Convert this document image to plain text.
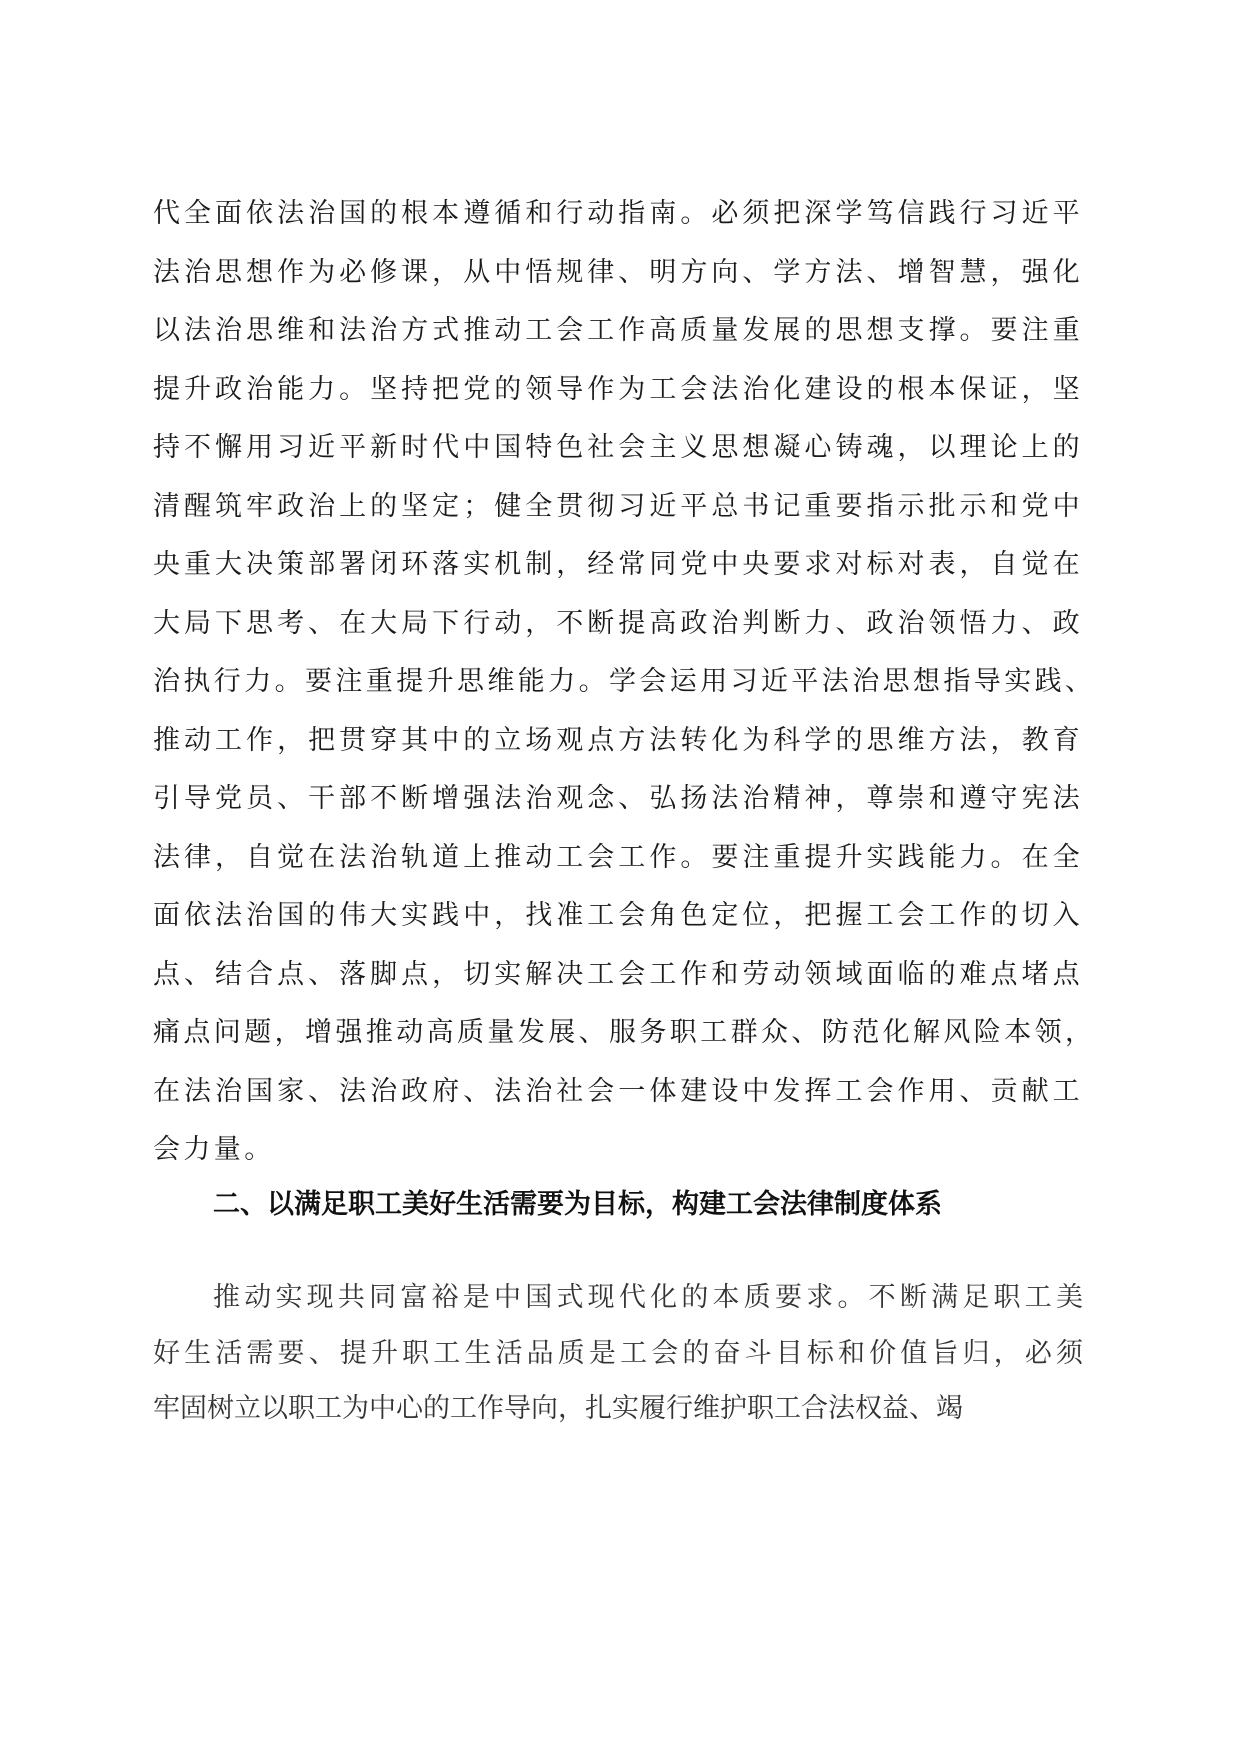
代全面依法治国的根本遵循和行动指南。必须把深学笃信践行习近平
法治思想作为必修课，从中悟规律、明方向、学方法、增智慧，强化
以法治思维和法治方式推动工会工作高质量发展的思想支撑。要注重
提升政治能力。坚持把党的领导作为工会法治化建设的根本保证，坚
持不懈用习近平新时代中国特色社会主义思想凝心铸魂，以理论上的
清醒筑牢政治上的坚定；健全贯彻习近平总书记重要指示批示和党中
央重大决策部署闭环落实机制，经常同党中央要求对标对表，自觉在
大局下思考、在大局下行动，不断提高政治判断力、政治领悟力、政
治执行力。要注重提升思维能力。学会运用习近平法治思想指导实践、
推动工作，把贯穿其中的立场观点方法转化为科学的思维方法，教育
引导党员、干部不断增强法治观念、弘扬法治精神，尊崇和遵守宪法
法律，自觉在法治轨道上推动工会工作。要注重提升实践能力。在全
面依法治国的伟大实践中，找准工会角色定位，把握工会工作的切入
点、结合点、落脚点，切实解决工会工作和劳动领域面临的难点堵点
痛点问题，增强推动高质量发展、服务职工群众、防范化解风险本领，
在法治国家、法治政府、法治社会一体建设中发挥工会作用、贡献工
会力量。
二、以满足职工美好生活需要为目标，构建工会法律制度体系
推动实现共同富裕是中国式现代化的本质要求。不断满足职工美
好生活需要、提升职工生活品质是工会的奋斗目标和价值旨归，必须
牢固树立以职工为中心的工作导向，扎实履行维护职工合法权益、竭
